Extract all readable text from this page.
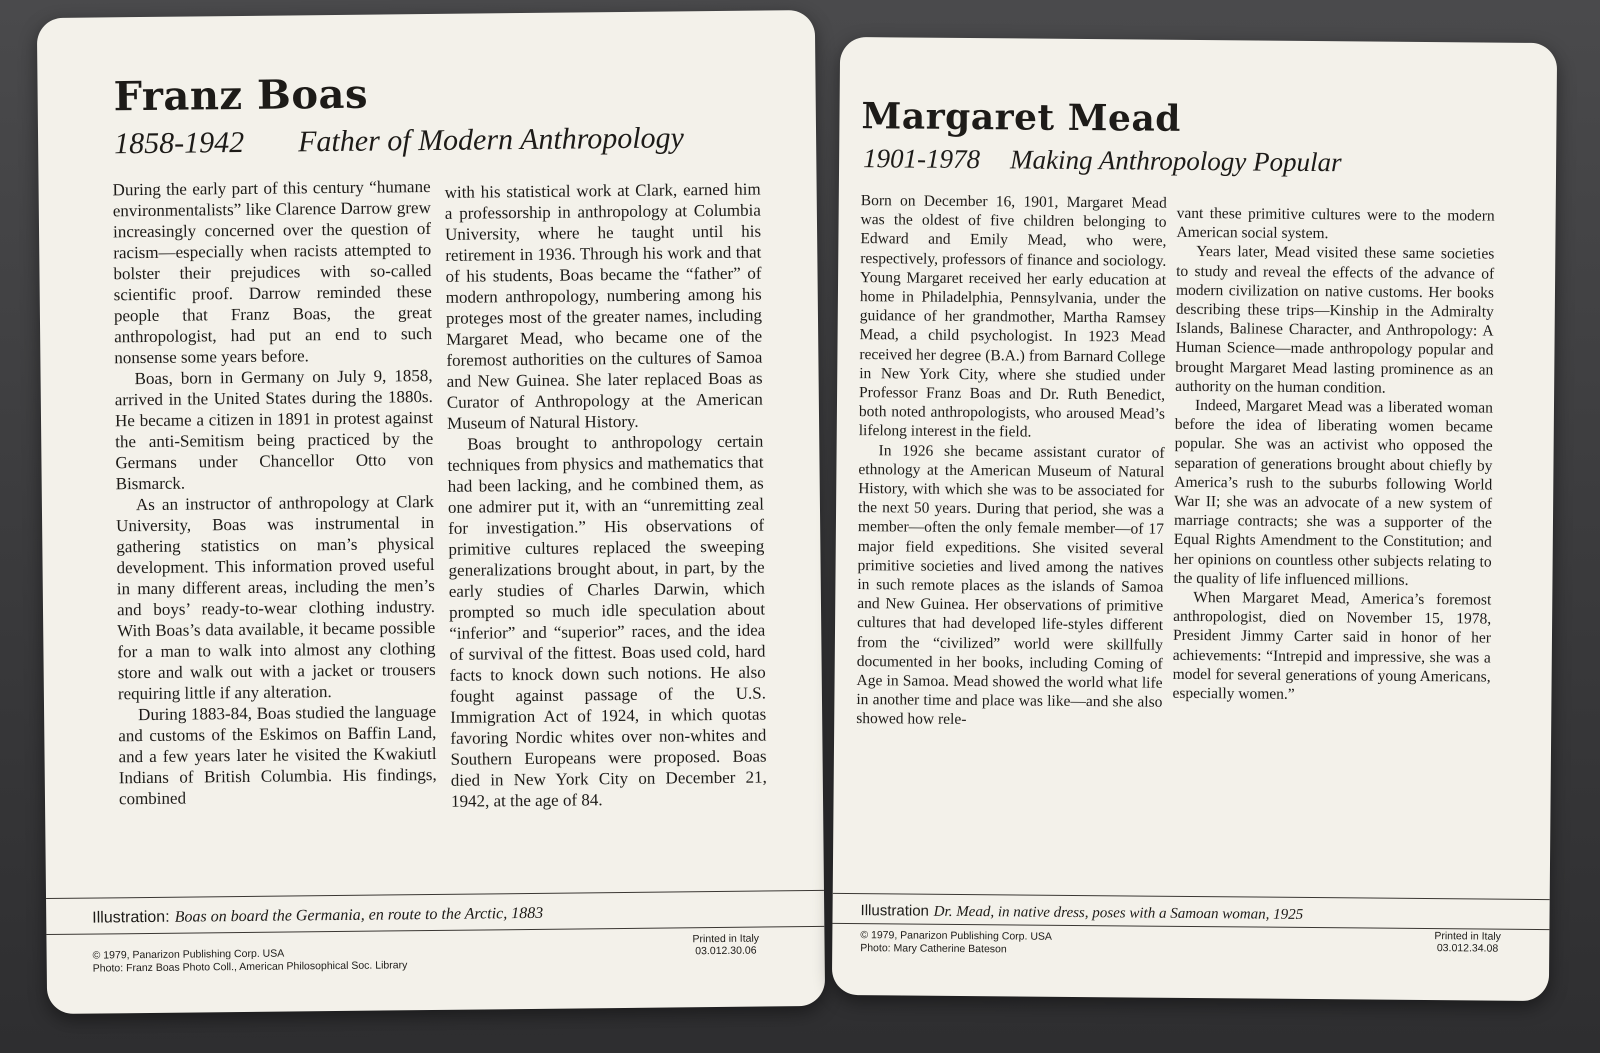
Franz Boas
1858-1942 Father of Modern Anthropology

During the early part of this century “humane environmentalists” like Clarence Darrow grew increasingly concerned over the question of racism—especially when racists attempted to bolster their prejudices with so-called scientific proof. Darrow reminded these people that Franz Boas, the great anthropologist, had put an end to such nonsense some years before.

Boas, born in Germany on July 9, 1858, arrived in the United States during the 1880s. He became a citizen in 1891 in protest against the anti-Semitism being practiced by the Germans under Chancellor Otto von Bismarck.

As an instructor of anthropology at Clark University, Boas was instrumental in gathering statistics on man’s physical development. This information proved useful in many different areas, including the men’s and boys’ ready-to-wear clothing industry. With Boas’s data available, it became possible for a man to walk into almost any clothing store and walk out with a jacket or trousers requiring little if any alteration.

During 1883-84, Boas studied the language and customs of the Eskimos on Baffin Land, and a few years later he visited the Kwakiutl Indians of British Columbia. His findings, combined

with his statistical work at Clark, earned him a professorship in anthropology at Columbia University, where he taught until his retirement in 1936. Through his work and that of his students, Boas became the “father” of modern anthropology, numbering among his proteges most of the greater names, including Margaret Mead, who became one of the foremost authorities on the cultures of Samoa and New Guinea. She later replaced Boas as Curator of Anthropology at the American Museum of Natural History.

Boas brought to anthropology certain techniques from physics and mathematics that had been lacking, and he combined them, as one admirer put it, with an “unremitting zeal for investigation.” His observations of primitive cultures replaced the sweeping generalizations brought about, in part, by the early studies of Charles Darwin, which prompted so much idle speculation about “inferior” and “superior” races, and the idea of survival of the fittest. Boas used cold, hard facts to knock down such notions. He also fought against passage of the U.S. Immigration Act of 1924, in which quotas favoring Nordic whites over non-whites and Southern Europeans were proposed. Boas died in New York City on December 21, 1942, at the age of 84.

Illustration: Boas on board the Germania, en route to the Arctic, 1883
© 1979, Panarizon Publishing Corp. USA
Photo: Franz Boas Photo Coll., American Philosophical Soc. Library
Printed in Italy
03.012.30.06
Margaret Mead
1901-1978 Making Anthropology Popular

Born on December 16, 1901, Margaret Mead was the oldest of five children belonging to Edward and Emily Mead, who were, respectively, professors of finance and sociology. Young Margaret received her early education at home in Philadelphia, Pennsylvania, under the guidance of her grandmother, Martha Ramsey Mead, a child psychologist. In 1923 Mead received her degree (B.A.) from Barnard College in New York City, where she studied under Professor Franz Boas and Dr. Ruth Benedict, both noted anthropologists, who aroused Mead’s lifelong interest in the field.

In 1926 she became assistant curator of ethnology at the American Museum of Natural History, with which she was to be associated for the next 50 years. During that period, she was a member—often the only female member—of 17 major field expeditions. She visited several primitive societies and lived among the natives in such remote places as the islands of Samoa and New Guinea. Her observations of primitive cultures that had developed life-styles different from the “civilized” world were skillfully documented in her books, including Coming of Age in Samoa. Mead showed the world what life in another time and place was like—and she also showed how rele-

vant these primitive cultures were to the modern American social system.

Years later, Mead visited these same societies to study and reveal the effects of the advance of modern civilization on native customs. Her books describing these trips—Kinship in the Admiralty Islands, Balinese Character, and Anthropology: A Human Science—made anthropology popular and brought Margaret Mead lasting prominence as an authority on the human condition.

Indeed, Margaret Mead was a liberated woman before the idea of liberating women became popular. She was an activist who opposed the separation of generations brought about chiefly by America’s rush to the suburbs following World War II; she was an advocate of a new system of marriage contracts; she was a supporter of the Equal Rights Amendment to the Constitution; and her opinions on countless other subjects relating to the quality of life influenced millions.

When Margaret Mead, America’s foremost anthropologist, died on November 15, 1978, President Jimmy Carter said in honor of her achievements: “Intrepid and impressive, she was a model for several generations of young Americans, especially women.”

Illustration Dr. Mead, in native dress, poses with a Samoan woman, 1925
© 1979, Panarizon Publishing Corp. USA
Photo: Mary Catherine Bateson
Printed in Italy
03.012.34.08
